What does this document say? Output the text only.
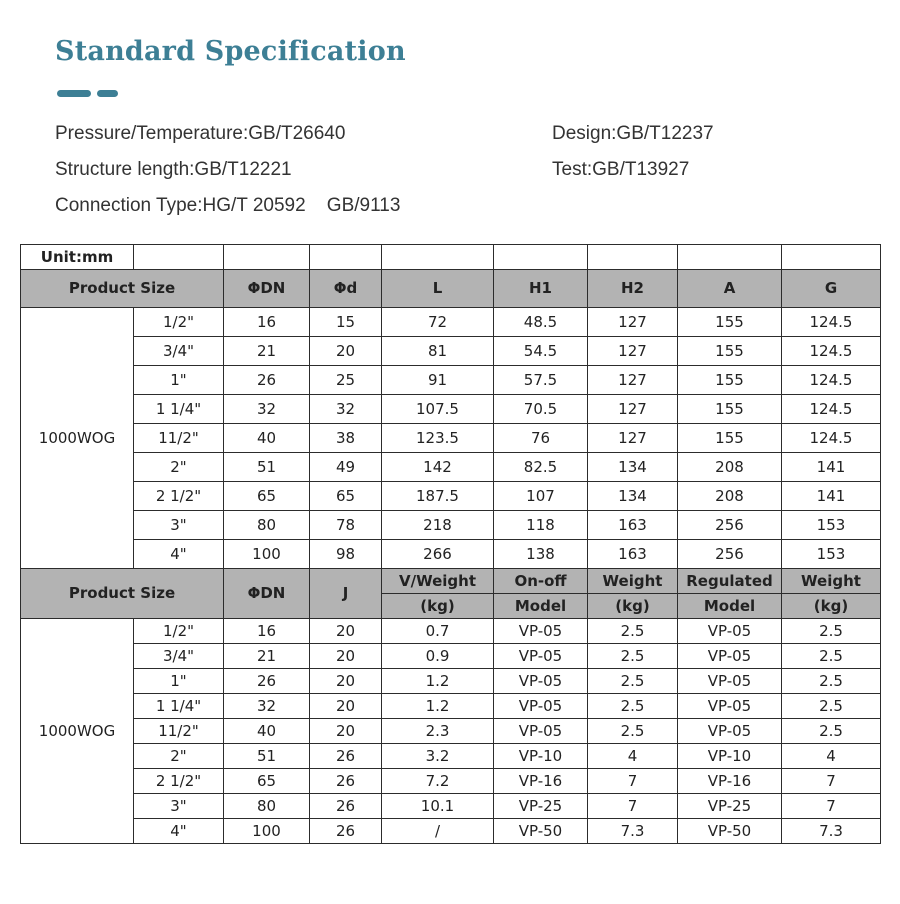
Standard Specification
Pressure/Temperature:GB/T26640	Design:GB/T12237
Structure length:GB/T12221	Test:GB/T13927
Connection Type:HG/T 20592    GB/9113
Unit:mm								
Product Size		ΦDN	Φd	L	H1	H2	A	G
1000WOG	1/2"	16	15	72	48.5	127	155	124.5
	3/4"	21	20	81	54.5	127	155	124.5
	1"	26	25	91	57.5	127	155	124.5
	1 1/4"	32	32	107.5	70.5	127	155	124.5
	11/2"	40	38	123.5	76	127	155	124.5
	2"	51	49	142	82.5	134	208	141
	2 1/2"	65	65	187.5	107	134	208	141
	3"	80	78	218	118	163	256	153
	4"	100	98	266	138	163	256	153
Product Size		ΦDN	J	V/Weight	On-off	Weight	Regulated	Weight
				(kg)	Model	(kg)	Model	(kg)
1000WOG	1/2"	16	20	0.7	VP-05	2.5	VP-05	2.5
	3/4"	21	20	0.9	VP-05	2.5	VP-05	2.5
	1"	26	20	1.2	VP-05	2.5	VP-05	2.5
	1 1/4"	32	20	1.2	VP-05	2.5	VP-05	2.5
	11/2"	40	20	2.3	VP-05	2.5	VP-05	2.5
	2"	51	26	3.2	VP-10	4	VP-10	4
	2 1/2"	65	26	7.2	VP-16	7	VP-16	7
	3"	80	26	10.1	VP-25	7	VP-25	7
	4"	100	26	/	VP-50	7.3	VP-50	7.3
